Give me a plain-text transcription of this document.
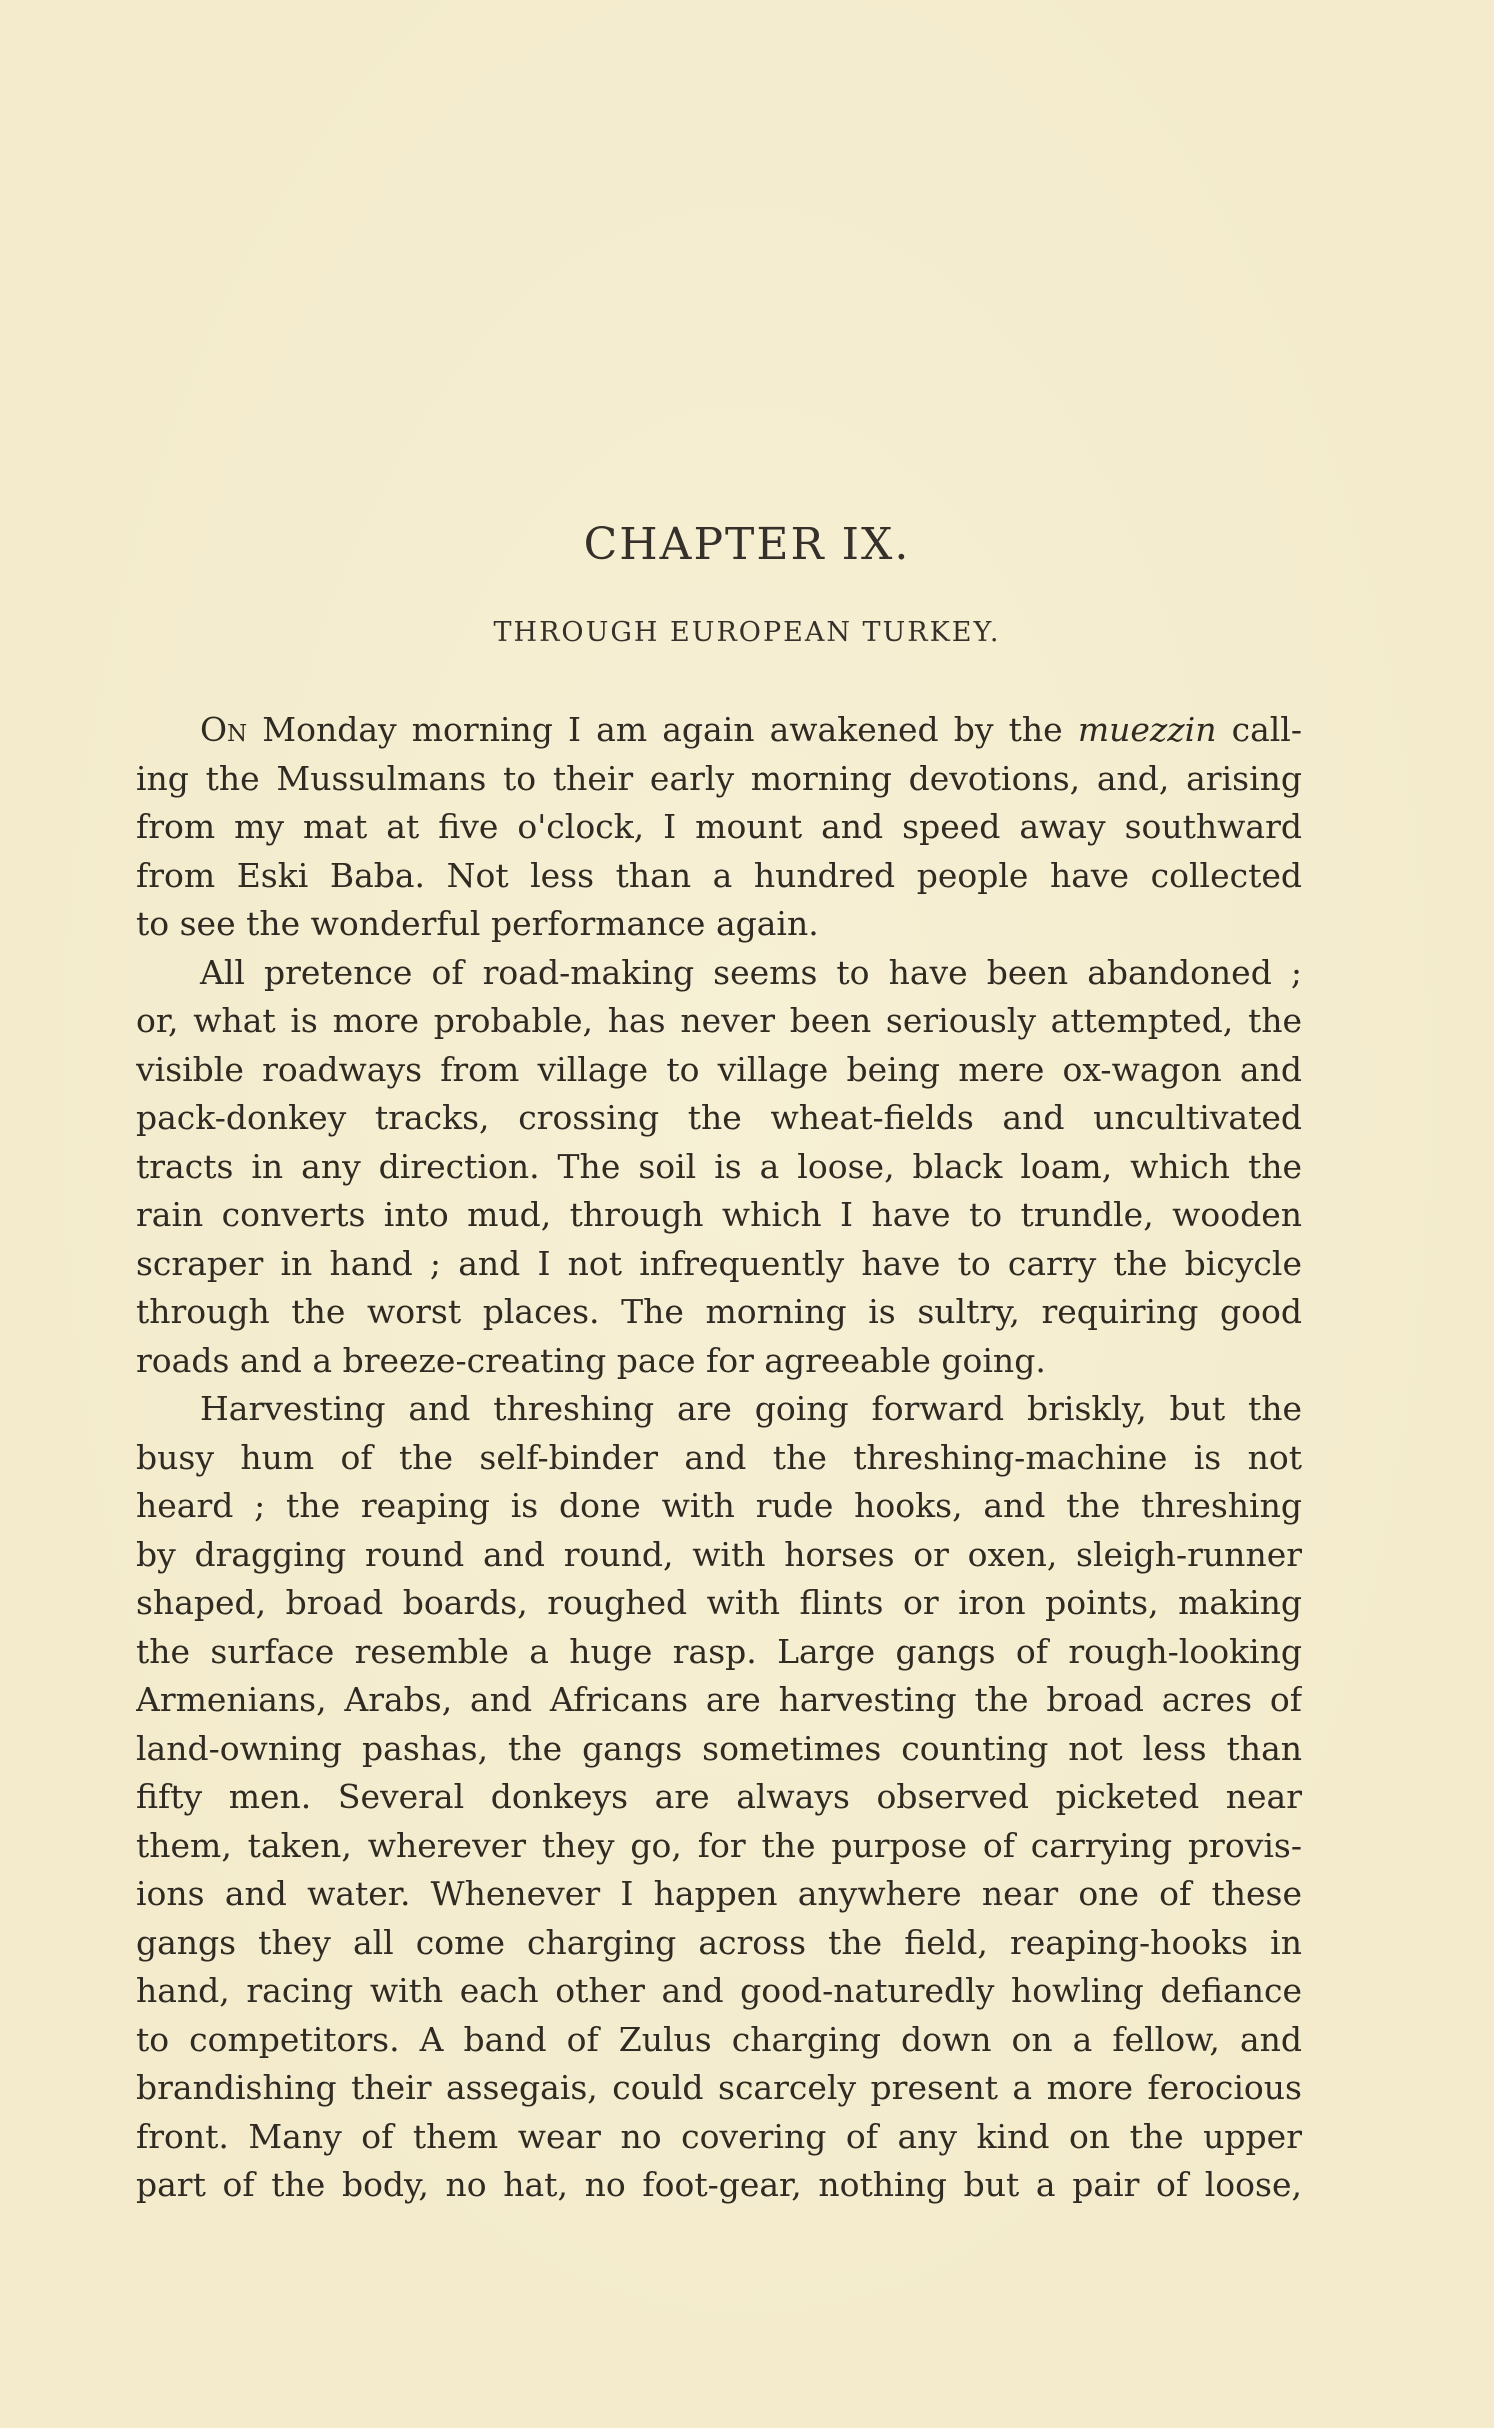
CHAPTER IX.
THROUGH EUROPEAN TURKEY.
On Monday morning I am again awakened by the muezzin call-
ing the Mussulmans to their early morning devotions, and, arising
from my mat at five o'clock, I mount and speed away southward
from Eski Baba. Not less than a hundred people have collected
to see the wonderful performance again.
All pretence of road-making seems to have been abandoned ;
or, what is more probable, has never been seriously attempted, the
visible roadways from village to village being mere ox-wagon and
pack-donkey tracks, crossing the wheat-fields and uncultivated
tracts in any direction. The soil is a loose, black loam, which the
rain converts into mud, through which I have to trundle, wooden
scraper in hand ; and I not infrequently have to carry the bicycle
through the worst places. The morning is sultry, requiring good
roads and a breeze-creating pace for agreeable going.
Harvesting and threshing are going forward briskly, but the
busy hum of the self-binder and the threshing-machine is not
heard ; the reaping is done with rude hooks, and the threshing
by dragging round and round, with horses or oxen, sleigh-runner
shaped, broad boards, roughed with flints or iron points, making
the surface resemble a huge rasp. Large gangs of rough-looking
Armenians, Arabs, and Africans are harvesting the broad acres of
land-owning pashas, the gangs sometimes counting not less than
fifty men. Several donkeys are always observed picketed near
them, taken, wherever they go, for the purpose of carrying provis-
ions and water. Whenever I happen anywhere near one of these
gangs they all come charging across the field, reaping-hooks in
hand, racing with each other and good-naturedly howling defiance
to competitors. A band of Zulus charging down on a fellow, and
brandishing their assegais, could scarcely present a more ferocious
front. Many of them wear no covering of any kind on the upper
part of the body, no hat, no foot-gear, nothing but a pair of loose,
